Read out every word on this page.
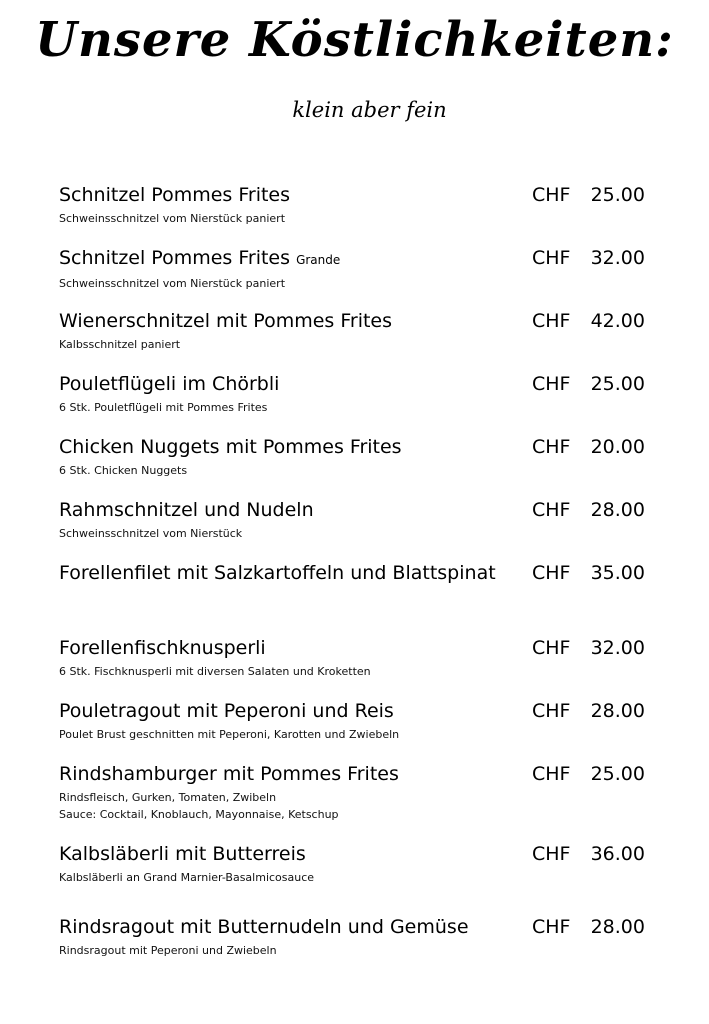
Unsere Köstlichkeiten:
klein aber fein
Schnitzel Pommes Frites
Schweinsschnitzel vom Nierstück paniert
CHF 25.00
Schnitzel Pommes Frites Grande
Schweinsschnitzel vom Nierstück paniert
CHF 32.00
Wienerschnitzel mit Pommes Frites
Kalbsschnitzel paniert
CHF 42.00
Pouletflügeli im Chörbli
6 Stk. Pouletflügeli mit Pommes Frites
CHF 25.00
Chicken Nuggets mit Pommes Frites
6 Stk. Chicken Nuggets
CHF 20.00
Rahmschnitzel und Nudeln
Schweinsschnitzel vom Nierstück
CHF 28.00
Forellenfilet mit Salzkartoffeln und Blattspinat CHF 35.00
Forellenfischknusperli
6 Stk. Fischknusperli mit diversen Salaten und Kroketten
CHF 32.00
Pouletragout mit Peperoni und Reis
Poulet Brust geschnitten mit Peperoni, Karotten und Zwiebeln
CHF 28.00
Rindshamburger mit Pommes Frites
Rindsfleisch, Gurken, Tomaten, Zwibeln
Sauce: Cocktail, Knoblauch, Mayonnaise, Ketschup
CHF 25.00
Kalbsläberli mit Butterreis
Kalbsläberli an Grand Marnier-Basalmicosauce
CHF 36.00
Rindsragout mit Butternudeln und Gemüse
Rindsragout mit Peperoni und Zwiebeln
CHF 28.00
